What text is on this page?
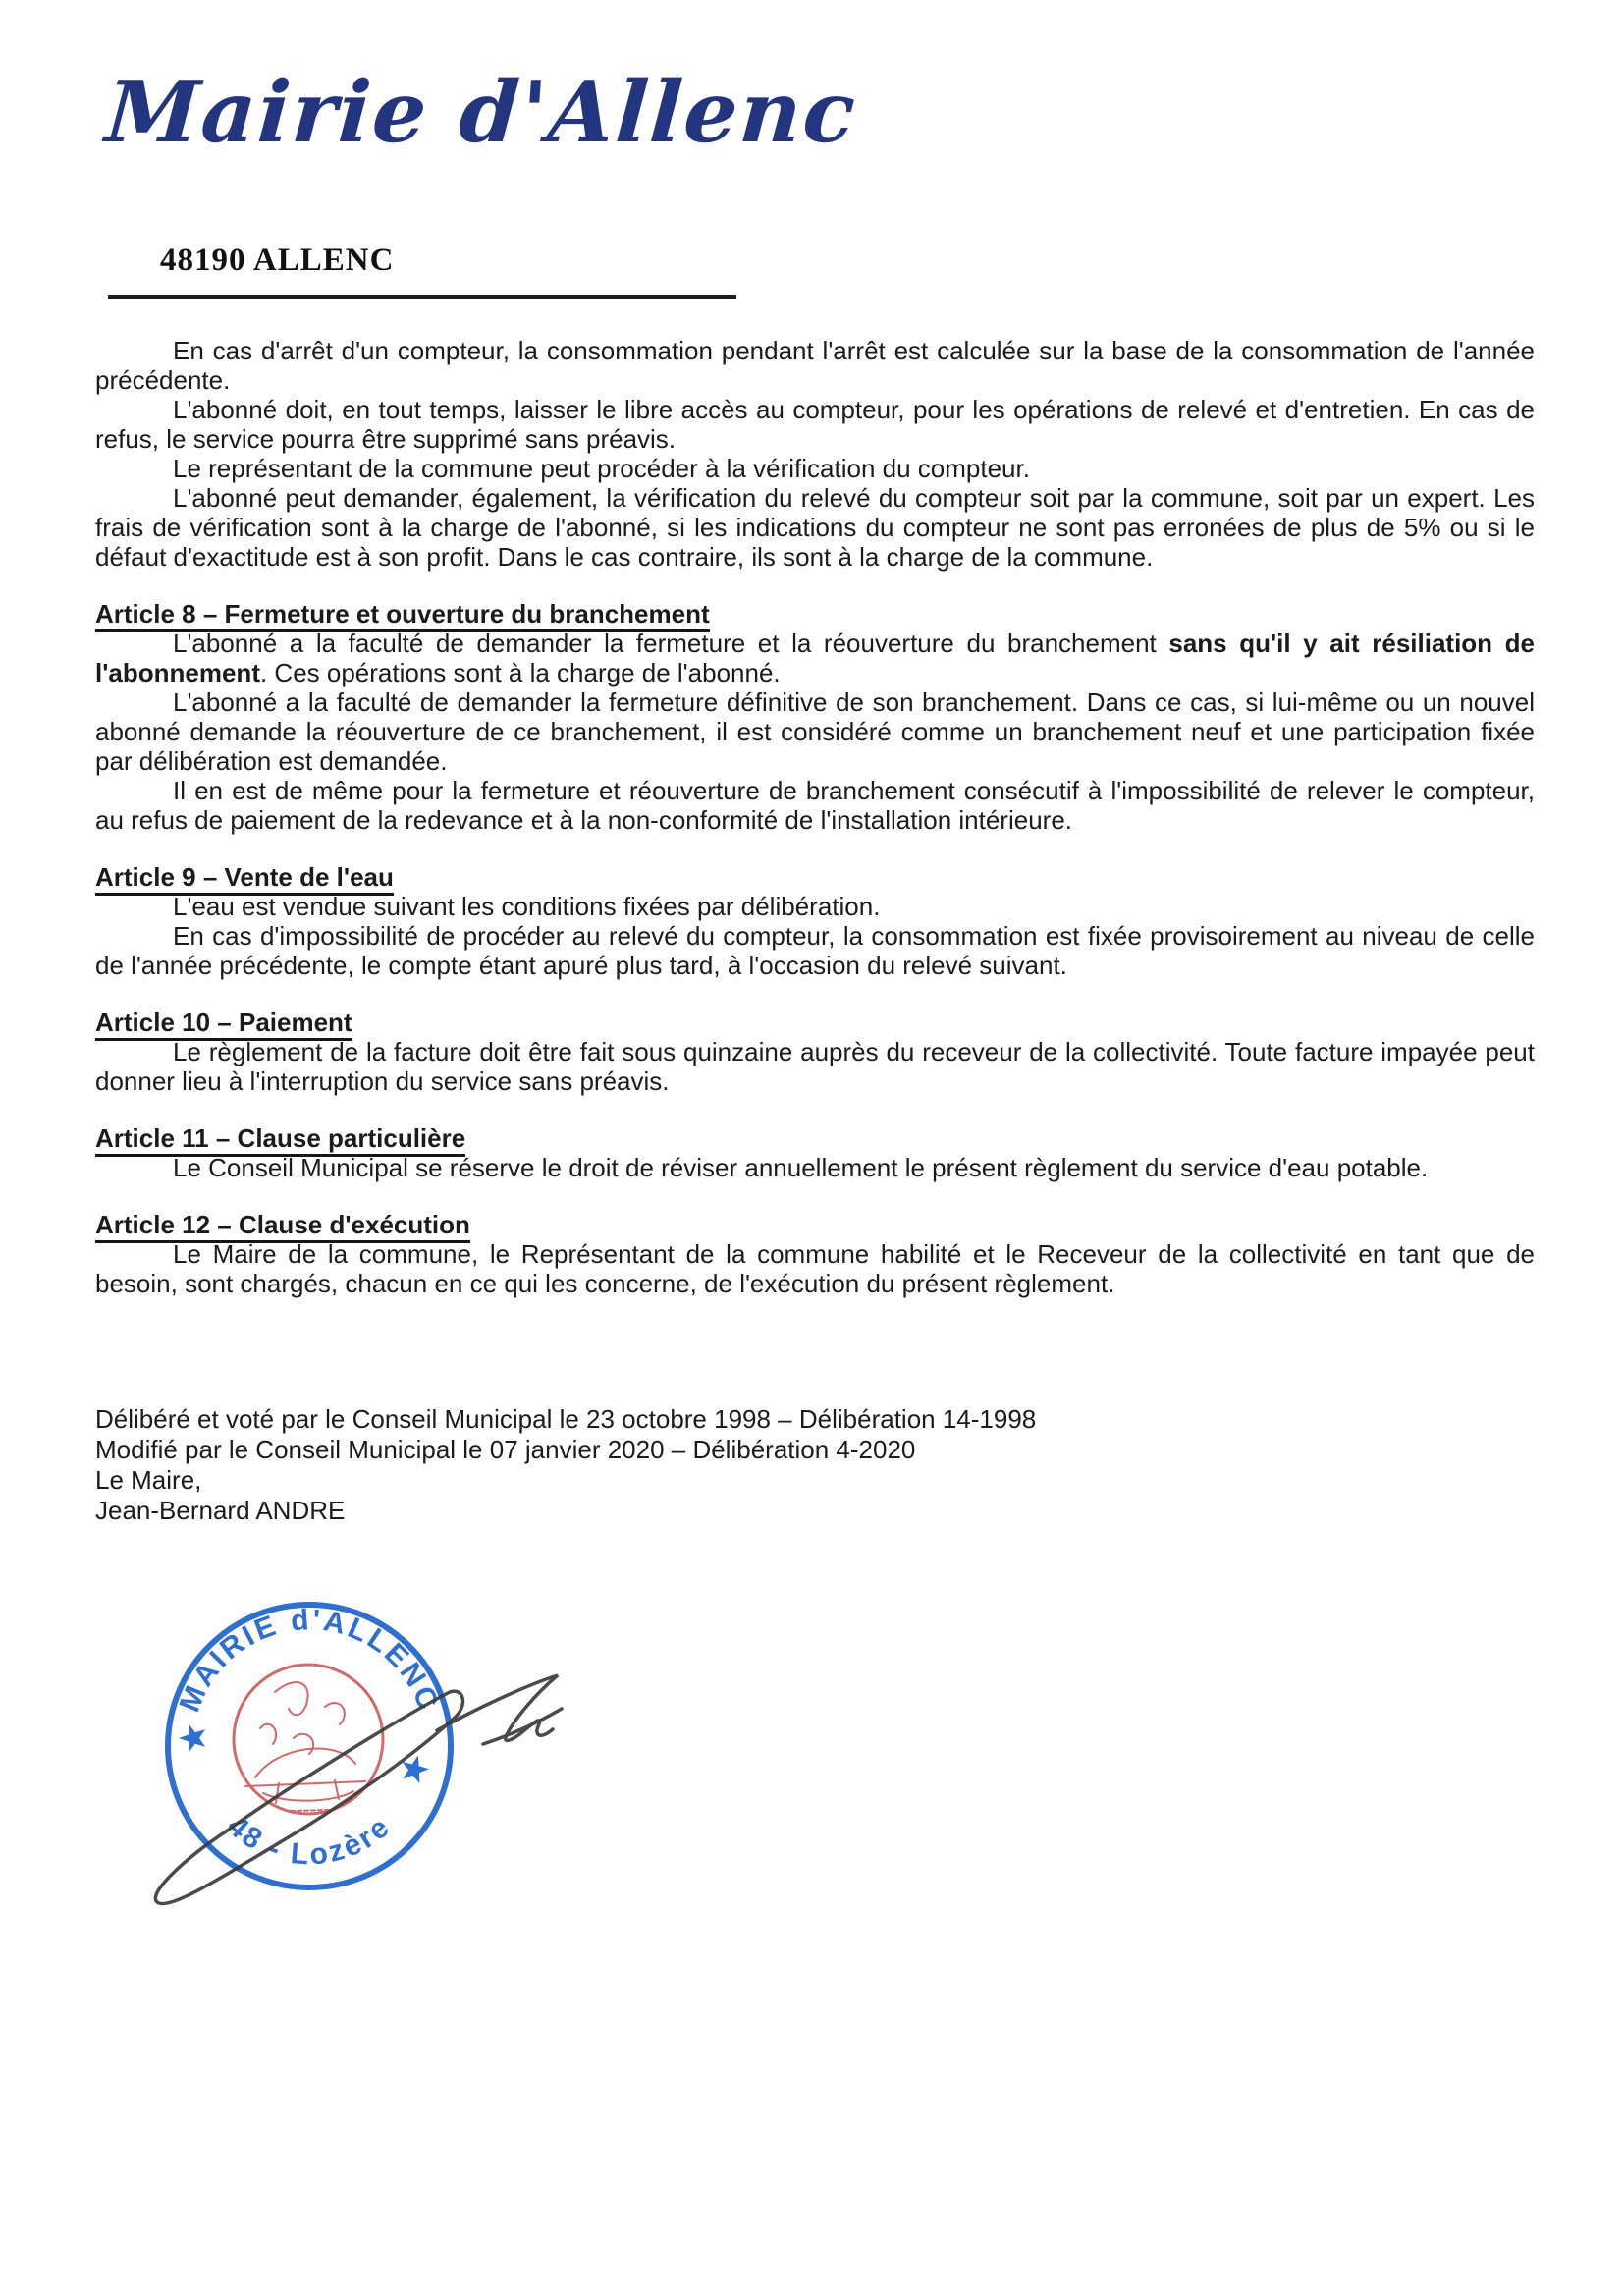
Mairie d'Allenc
48190 ALLENC

En cas d'arrêt d'un compteur, la consommation pendant l'arrêt est calculée sur la base de la consommation de l'année précédente.

L'abonné doit, en tout temps, laisser le libre accès au compteur, pour les opérations de relevé et d'entretien. En cas de refus, le service pourra être supprimé sans préavis.

Le représentant de la commune peut procéder à la vérification du compteur.

L'abonné peut demander, également, la vérification du relevé du compteur soit par la commune, soit par un expert. Les frais de vérification sont à la charge de l'abonné, si les indications du compteur ne sont pas erronées de plus de 5% ou si le défaut d'exactitude est à son profit. Dans le cas contraire, ils sont à la charge de la commune.

Article 8 – Fermeture et ouverture du branchement

L'abonné a la faculté de demander la fermeture et la réouverture du branchement sans qu'il y ait résiliation de l'abonnement. Ces opérations sont à la charge de l'abonné.

L'abonné a la faculté de demander la fermeture définitive de son branchement. Dans ce cas, si lui-même ou un nouvel abonné demande la réouverture de ce branchement, il est considéré comme un branchement neuf et une participation fixée par délibération est demandée.

Il en est de même pour la fermeture et réouverture de branchement consécutif à l'impossibilité de relever le compteur, au refus de paiement de la redevance et à la non-conformité de l'installation intérieure.

Article 9 – Vente de l'eau

L'eau est vendue suivant les conditions fixées par délibération.

En cas d'impossibilité de procéder au relevé du compteur, la consommation est fixée provisoirement au niveau de celle de l'année précédente, le compte étant apuré plus tard, à l'occasion du relevé suivant.

Article 10 – Paiement

Le règlement de la facture doit être fait sous quinzaine auprès du receveur de la collectivité. Toute facture impayée peut donner lieu à l'interruption du service sans préavis.

Article 11 – Clause particulière

Le Conseil Municipal se réserve le droit de réviser annuellement le présent règlement du service d'eau potable.

Article 12 – Clause d'exécution

Le Maire de la commune, le Représentant de la commune habilité et le Receveur de la collectivité en tant que de besoin, sont chargés, chacun en ce qui les concerne, de l'exécution du présent règlement.

Délibéré et voté par le Conseil Municipal le 23 octobre 1998 – Délibération 14-1998
Modifié par le Conseil Municipal le 07 janvier 2020 – Délibération 4-2020
Le Maire,
Jean-Bernard ANDRE
MAIRIE d'ALLENC
48 - Lozère
